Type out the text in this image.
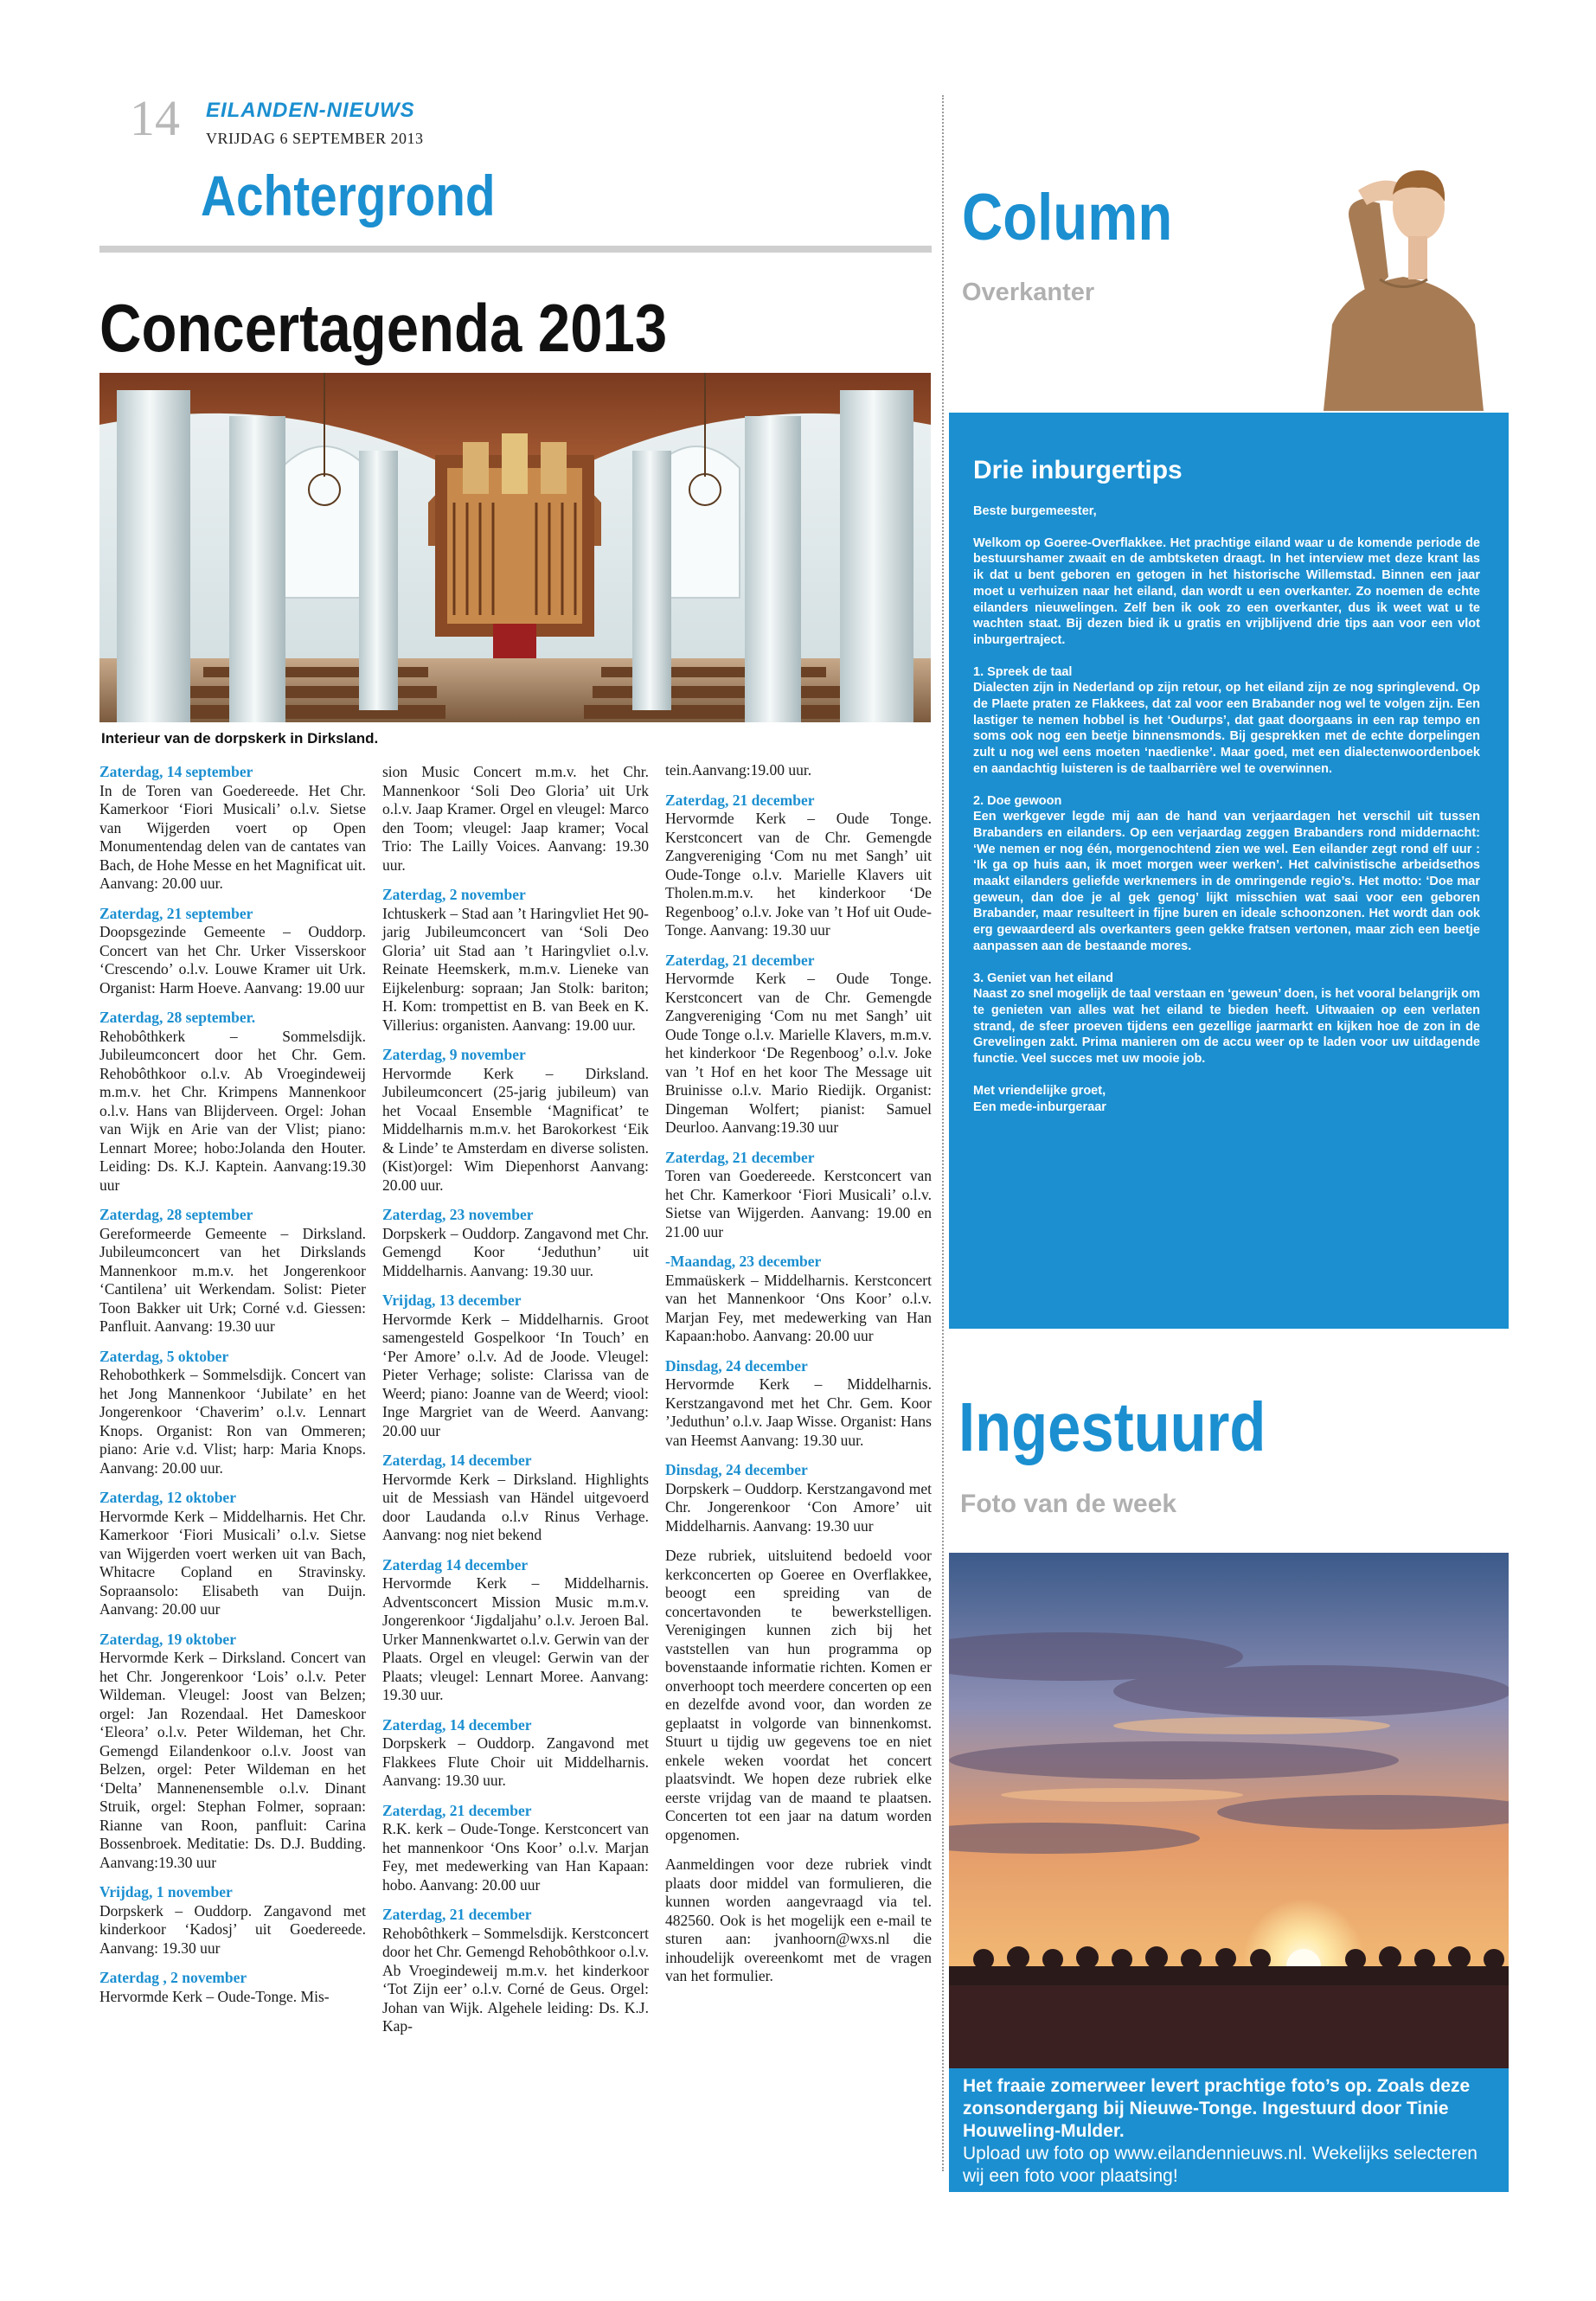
14 EILANDEN-NIEUWS
VRIJDAG 6 SEPTEMBER 2013
Achtergrond
Concertagenda 2013
Interieur van de dorpskerk in Dirksland.
Zaterdag, 14 september
In de Toren van Goedereede. Het Chr. Kamerkoor ‘Fiori Musicali’ o.l.v. Sietse van Wijgerden voert op Open Monumentendag delen van de cantates van Bach, de Hohe Messe en het Magnificat uit. Aanvang: 20.00 uur.
Zaterdag, 21 september
Doopsgezinde Gemeente – Ouddorp. Concert van het Chr. Urker Visserskoor ‘Crescendo’ o.l.v. Louwe Kramer uit Urk. Organist: Harm Hoeve. Aanvang: 19.00 uur
Zaterdag, 28 september.
Rehobôthkerk – Sommelsdijk. Jubileumconcert door het Chr. Gem. Rehobôthkoor o.l.v. Ab Vroegindeweij m.m.v. het Chr. Krimpens Mannenkoor o.l.v. Hans van Blijderveen. Orgel: Johan van Wijk en Arie van der Vlist; piano: Lennart Moree; hobo:Jolanda den Houter. Leiding: Ds. K.J. Kaptein. Aanvang:19.30 uur
Zaterdag, 28 september
Gereformeerde Gemeente – Dirksland. Jubileumconcert van het Dirkslands Mannenkoor m.m.v. het Jongerenkoor ‘Cantilena’ uit Werkendam. Solist: Pieter Toon Bakker uit Urk; Corné v.d. Giessen: Panfluit. Aanvang: 19.30 uur
Zaterdag, 5 oktober
Rehobothkerk – Sommelsdijk. Concert van het Jong Mannenkoor ‘Jubilate’ en het Jongerenkoor ‘Chaverim’ o.l.v. Lennart Knops. Organist: Ron van Ommeren; piano: Arie v.d. Vlist; harp: Maria Knops. Aanvang: 20.00 uur.
Zaterdag, 12 oktober
Hervormde Kerk – Middelharnis. Het Chr. Kamerkoor ‘Fiori Musicali’ o.l.v. Sietse van Wijgerden voert werken uit van Bach, Whitacre Copland en Stravinsky. Sopraansolo: Elisabeth van Duijn. Aanvang: 20.00 uur
Zaterdag, 19 oktober
Hervormde Kerk – Dirksland. Concert van het Chr. Jongerenkoor ‘Lois’ o.l.v. Peter Wildeman. Vleugel: Joost van Belzen; orgel: Jan Rozendaal. Het Dameskoor ‘Eleora’ o.l.v. Peter Wildeman, het Chr. Gemengd Eilandenkoor o.l.v. Joost van Belzen, orgel: Peter Wildeman en het ‘Delta’ Mannenensemble o.l.v. Dinant Struik, orgel: Stephan Folmer, sopraan: Rianne van Roon, panfluit: Carina Bossenbroek. Meditatie: Ds. D.J. Budding. Aanvang:19.30 uur
Vrijdag, 1 november
Dorpskerk – Ouddorp. Zangavond met kinderkoor ‘Kadosj’ uit Goedereede. Aanvang: 19.30 uur
Zaterdag , 2 november
Hervormde Kerk – Oude-Tonge. Mis-
sion Music Concert m.m.v. het Chr. Mannenkoor ‘Soli Deo Gloria’ uit Urk o.l.v. Jaap Kramer. Orgel en vleugel: Marco den Toom; vleugel: Jaap kramer; Vocal Trio: The Lailly Voices. Aanvang: 19.30 uur.
Zaterdag, 2 november
Ichtuskerk – Stad aan ’t Haringvliet Het 90-jarig Jubileumconcert van ‘Soli Deo Gloria’ uit Stad aan ’t Haringvliet o.l.v. Reinate Heemskerk, m.m.v. Lieneke van Eijkelenburg: sopraan; Jan Stolk: bariton; H. Kom: trompettist en B. van Beek en K. Villerius: organisten. Aanvang: 19.00 uur.
Zaterdag, 9 november
Hervormde Kerk – Dirksland. Jubileumconcert (25-jarig jubileum) van het Vocaal Ensemble ‘Magnificat’ te Middelharnis m.m.v. het Barokorkest ‘Eik & Linde’ te Amsterdam en diverse solisten. (Kist)orgel: Wim Diepenhorst Aanvang: 20.00 uur.
Zaterdag, 23 november
Dorpskerk – Ouddorp. Zangavond met Chr. Gemengd Koor ‘Jeduthun’ uit Middelharnis. Aanvang: 19.30 uur.
Vrijdag, 13 december
Hervormde Kerk – Middelharnis. Groot samengesteld Gospelkoor ‘In Touch’ en ‘Per Amore’ o.l.v. Ad de Joode. Vleugel: Pieter Verhage; soliste: Clarissa van de Weerd; piano: Joanne van de Weerd; viool: Inge Margriet van de Weerd. Aanvang: 20.00 uur
Zaterdag, 14 december
Hervormde Kerk – Dirksland. Highlights uit de Messiash van Händel uitgevoerd door Laudanda o.l.v Rinus Verhage. Aanvang: nog niet bekend
Zaterdag 14 december
Hervormde Kerk – Middelharnis. Adventsconcert Mission Music m.m.v. Jongerenkoor ‘Jigdaljahu’ o.l.v. Jeroen Bal. Urker Mannenkwartet o.l.v. Gerwin van der Plaats. Orgel en vleugel: Gerwin van der Plaats; vleugel: Lennart Moree. Aanvang: 19.30 uur.
Zaterdag, 14 december
Dorpskerk – Ouddorp. Zangavond met Flakkees Flute Choir uit Middelharnis. Aanvang: 19.30 uur.
Zaterdag, 21 december
R.K. kerk – Oude-Tonge. Kerstconcert van het mannenkoor ‘Ons Koor’ o.l.v. Marjan Fey, met medewerking van Han Kapaan: hobo. Aanvang: 20.00 uur
Zaterdag, 21 december
Rehobôthkerk – Sommelsdijk. Kerstconcert door het Chr. Gemengd Rehobôthkoor o.l.v. Ab Vroegindeweij m.m.v. het kinderkoor ‘Tot Zijn eer’ o.l.v. Corné de Geus. Orgel: Johan van Wijk. Algehele leiding: Ds. K.J. Kap-
tein.Aanvang:19.00 uur.
Zaterdag, 21 december
Hervormde Kerk – Oude Tonge. Kerstconcert van de Chr. Gemengde Zangvereniging ‘Com nu met Sangh’ uit Oude-Tonge o.l.v. Marielle Klavers uit Tholen.m.m.v. het kinderkoor ‘De Regenboog’ o.l.v. Joke van ’t Hof uit Oude-Tonge. Aanvang: 19.30 uur
Zaterdag, 21 december
Hervormde Kerk – Oude Tonge. Kerstconcert van de Chr. Gemengde Zangvereniging ‘Com nu met Sangh’ uit Oude Tonge o.l.v. Marielle Klavers, m.m.v. het kinderkoor ‘De Regenboog’ o.l.v. Joke van ’t Hof en het koor The Message uit Bruinisse o.l.v. Mario Riedijk. Organist: Dingeman Wolfert; pianist: Samuel Deurloo. Aanvang:19.30 uur
Zaterdag, 21 december
Toren van Goedereede. Kerstconcert van het Chr. Kamerkoor ‘Fiori Musicali’ o.l.v. Sietse van Wijgerden. Aanvang: 19.00 en 21.00 uur
-Maandag, 23 december
Emmaüskerk – Middelharnis. Kerstconcert van het Mannenkoor ‘Ons Koor’ o.l.v. Marjan Fey, met medewerking van Han Kapaan:hobo. Aanvang: 20.00 uur
Dinsdag, 24 december
Hervormde Kerk – Middelharnis. Kerstzangavond met het Chr. Gem. Koor ’Jeduthun’ o.l.v. Jaap Wisse. Organist: Hans van Heemst Aanvang: 19.30 uur.
Dinsdag, 24 december
Dorpskerk – Ouddorp. Kerstzangavond met Chr. Jongerenkoor ‘Con Amore’ uit Middelharnis. Aanvang: 19.30 uur
Deze rubriek, uitsluitend bedoeld voor kerkconcerten op Goeree en Overflakkee, beoogt een spreiding van de concertavonden te bewerkstelligen. Verenigingen kunnen zich bij het vaststellen van hun programma op bovenstaande informatie richten. Komen er onverhoopt toch meerdere concerten op een en dezelfde avond voor, dan worden ze geplaatst in volgorde van binnenkomst. Stuurt u tijdig uw gegevens toe en niet enkele weken voordat het concert plaatsvindt. We hopen deze rubriek elke eerste vrijdag van de maand te plaatsen. Concerten tot een jaar na datum worden opgenomen.
Aanmeldingen voor deze rubriek vindt plaats door middel van formulieren, die kunnen worden aangevraagd via tel. 482560. Ook is het mogelijk een e-mail te sturen aan: jvanhoorn@wxs.nl die inhoudelijk overeenkomt met de vragen van het formulier.
Column
Overkanter
Drie inburgertips

Beste burgemeester,

Welkom op Goeree-Overflakkee. Het prachtige eiland waar u de komende periode de bestuurshamer zwaait en de ambtsketen draagt. In het interview met deze krant las ik dat u bent geboren en getogen in het historische Willemstad. Binnen een jaar moet u verhuizen naar het eiland, dan wordt u een overkanter. Zo noemen de echte eilanders nieuwelingen. Zelf ben ik ook zo een overkanter, dus ik weet wat u te wachten staat. Bij dezen bied ik u gratis en vrijblijvend drie tips aan voor een vlot inburgertraject.

1. Spreek de taal
Dialecten zijn in Nederland op zijn retour, op het eiland zijn ze nog springlevend. Op de Plaete praten ze Flakkees, dat zal voor een Brabander nog wel te volgen zijn. Een lastiger te nemen hobbel is het ‘Oudurps’, dat gaat doorgaans in een rap tempo en soms ook nog een beetje binnensmonds. Bij gesprekken met de echte dorpelingen zult u nog wel eens moeten ‘naedienke’. Maar goed, met een dialectenwoordenboek en aandachtig luisteren is de taalbarrière wel te overwinnen.

2. Doe gewoon
Een werkgever legde mij aan de hand van verjaardagen het verschil uit tussen Brabanders en eilanders. Op een verjaardag zeggen Brabanders rond middernacht: ‘We nemen er nog één, morgenochtend zien we wel. Een eilander zegt rond elf uur : ‘Ik ga op huis aan, ik moet morgen weer werken’. Het calvinistische arbeidsethos maakt eilanders geliefde werknemers in de omringende regio’s. Het motto: ‘Doe mar geweun, dan doe je al gek genog’ lijkt misschien wat saai voor een geboren Brabander, maar resulteert in fijne buren en ideale schoonzonen. Het wordt dan ook erg gewaardeerd als overkanters geen gekke fratsen vertonen, maar zich een beetje aanpassen aan de bestaande mores.

3. Geniet van het eiland
Naast zo snel mogelijk de taal verstaan en ‘geweun’ doen, is het vooral belangrijk om te genieten van alles wat het eiland te bieden heeft. Uitwaaien op een verlaten strand, de sfeer proeven tijdens een gezellige jaarmarkt en kijken hoe de zon in de Grevelingen zakt. Prima manieren om de accu weer op te laden voor uw uitdagende functie. Veel succes met uw mooie job.

Met vriendelijke groet,
Een mede-inburgeraar

Ingestuurd
Foto van de week
Het fraaie zomerweer levert prachtige foto’s op. Zoals deze zonsondergang bij Nieuwe-Tonge. Ingestuurd door Tinie Houweling-Mulder.
Upload uw foto op www.eilandennieuws.nl. Wekelijks selecteren wij een foto voor plaatsing!
